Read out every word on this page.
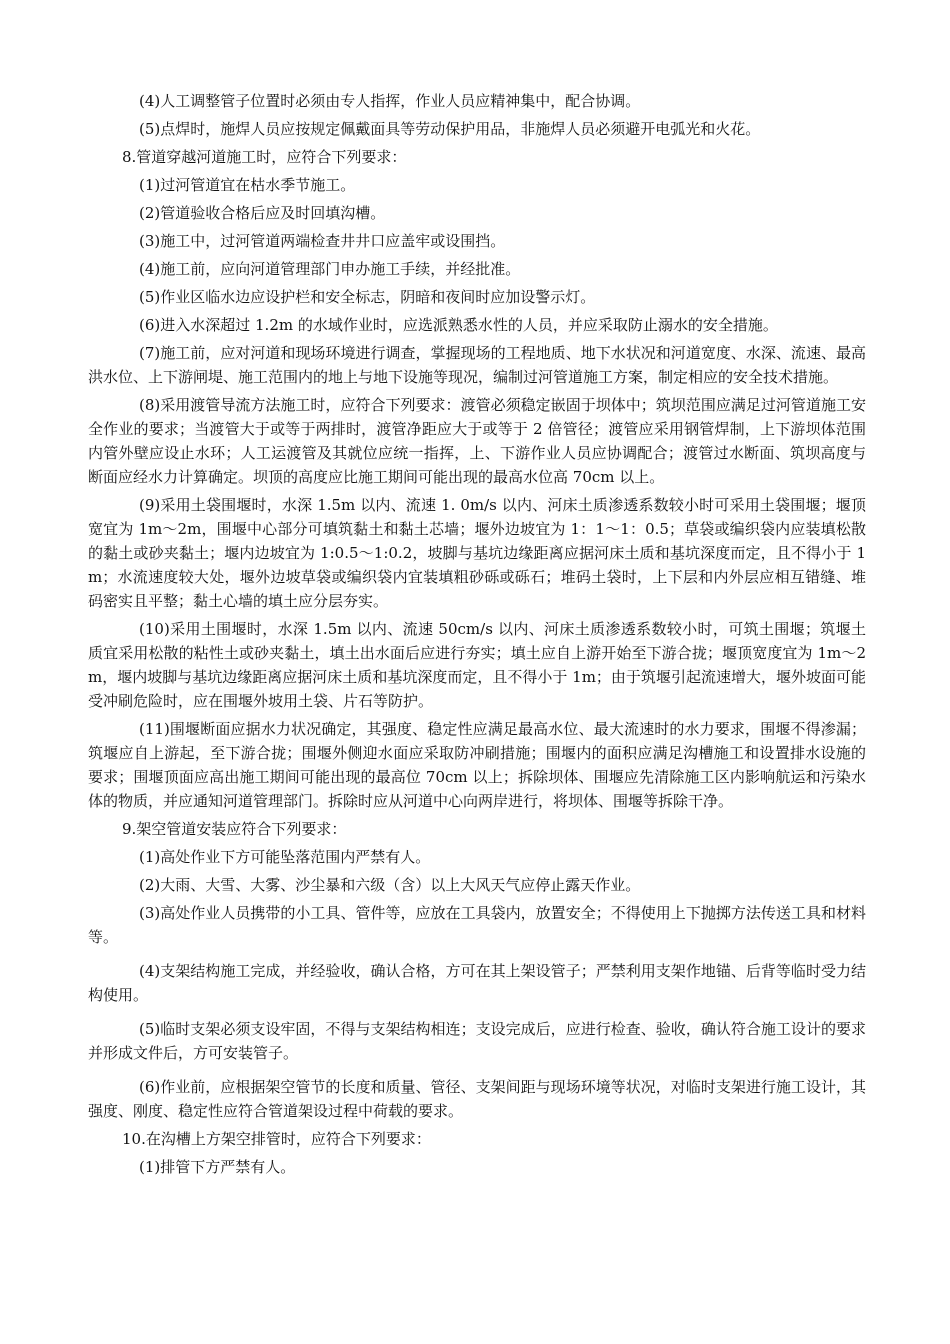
(4)人工调整管子位置时必须由专人指挥，作业人员应精神集中，配合协调。

(5)点焊时，施焊人员应按规定佩戴面具等劳动保护用品，非施焊人员必须避开电弧光和火花。

8.管道穿越河道施工时，应符合下列要求：

(1)过河管道宜在枯水季节施工。

(2)管道验收合格后应及时回填沟槽。

(3)施工中，过河管道两端检查井井口应盖牢或设围挡。

(4)施工前，应向河道管理部门申办施工手续，并经批准。

(5)作业区临水边应设护栏和安全标志，阴暗和夜间时应加设警示灯。

(6)进入水深超过 1.2m 的水域作业时，应选派熟悉水性的人员，并应采取防止溺水的安全措施。

(7)施工前，应对河道和现场环境进行调查，掌握现场的工程地质、地下水状况和河道宽度、水深、流速、最高洪水位、上下游闸堤、施工范围内的地上与地下设施等现况，编制过河管道施工方案，制定相应的安全技术措施。

(8)采用渡管导流方法施工时，应符合下列要求：渡管必须稳定嵌固于坝体中；筑坝范围应满足过河管道施工安全作业的要求；当渡管大于或等于两排时，渡管净距应大于或等于 2 倍管径；渡管应采用钢管焊制，上下游坝体范围内管外壁应设止水环；人工运渡管及其就位应统一指挥，上、下游作业人员应协调配合；渡管过水断面、筑坝高度与断面应经水力计算确定。坝顶的高度应比施工期间可能出现的最高水位高 70cm 以上。

(9)采用土袋围堰时，水深 1.5m 以内、流速 1. 0m/s 以内、河床土质渗透系数较小时可采用土袋围堰；堰顶宽宜为 1m～2m，围堰中心部分可填筑黏土和黏土芯墙；堰外边坡宜为 1：1～1：0.5；草袋或编织袋内应装填松散的黏土或砂夹黏土；堰内边坡宜为 1:0.5～1:0.2，坡脚与基坑边缘距离应据河床土质和基坑深度而定，且不得小于 1m；水流速度较大处，堰外边坡草袋或编织袋内宜装填粗砂砾或砾石；堆码土袋时，上下层和内外层应相互错缝、堆码密实且平整；黏土心墙的填土应分层夯实。

(10)采用土围堰时，水深 1.5m 以内、流速 50cm/s 以内、河床土质渗透系数较小时，可筑土围堰；筑堰土质宜采用松散的粘性土或砂夹黏土，填土出水面后应进行夯实；填土应自上游开始至下游合拢；堰顶宽度宜为 1m～2m，堰内坡脚与基坑边缘距离应据河床土质和基坑深度而定，且不得小于 1m；由于筑堰引起流速增大，堰外坡面可能受冲刷危险时，应在围堰外坡用土袋、片石等防护。

(11)围堰断面应据水力状况确定，其强度、稳定性应满足最高水位、最大流速时的水力要求，围堰不得渗漏；筑堰应自上游起，至下游合拢；围堰外侧迎水面应采取防冲刷措施；围堰内的面积应满足沟槽施工和设置排水设施的要求；围堰顶面应高出施工期间可能出现的最高位 70cm 以上；拆除坝体、围堰应先清除施工区内影响航运和污染水体的物质，并应通知河道管理部门。拆除时应从河道中心向两岸进行，将坝体、围堰等拆除干净。

9.架空管道安装应符合下列要求：

(1)高处作业下方可能坠落范围内严禁有人。

(2)大雨、大雪、大雾、沙尘暴和六级（含）以上大风天气应停止露天作业。

(3)高处作业人员携带的小工具、管件等，应放在工具袋内，放置安全；不得使用上下抛掷方法传送工具和材料等。

(4)支架结构施工完成，并经验收，确认合格，方可在其上架设管子；严禁利用支架作地锚、后背等临时受力结构使用。

(5)临时支架必须支设牢固，不得与支架结构相连；支设完成后，应进行检查、验收，确认符合施工设计的要求并形成文件后，方可安装管子。

(6)作业前，应根据架空管节的长度和质量、管径、支架间距与现场环境等状况，对临时支架进行施工设计，其强度、刚度、稳定性应符合管道架设过程中荷载的要求。

10.在沟槽上方架空排管时，应符合下列要求：

(1)排管下方严禁有人。
